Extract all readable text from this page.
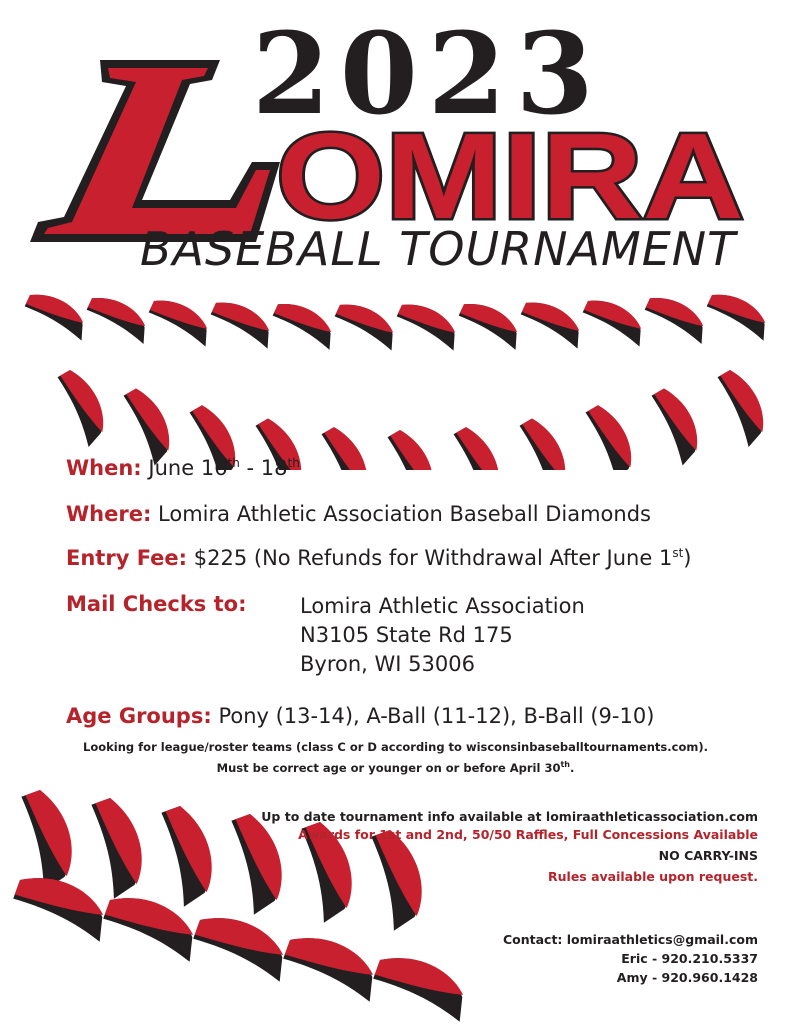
2023
OMIRA
BASEBALL TOURNAMENT
When: June 16th - 18th
Where: Lomira Athletic Association Baseball Diamonds
Entry Fee: $225 (No Refunds for Withdrawal After June 1st)
Mail Checks to:	Lomira Athletic Association
N3105 State Rd 175
Byron, WI 53006
Age Groups: Pony (13-14), A-Ball (11-12), B-Ball (9-10)
Looking for league/roster teams (class C or D according to wisconsinbaseballtournaments.com).
Must be correct age or younger on or before April 30th.
Up to date tournament info available at lomiraathleticassociation.com
Awards for 1st and 2nd, 50/50 Raffles, Full Concessions Available
NO CARRY-INS
Rules available upon request.
Contact: lomiraathletics@gmail.com
Eric - 920.210.5337
Amy - 920.960.1428
